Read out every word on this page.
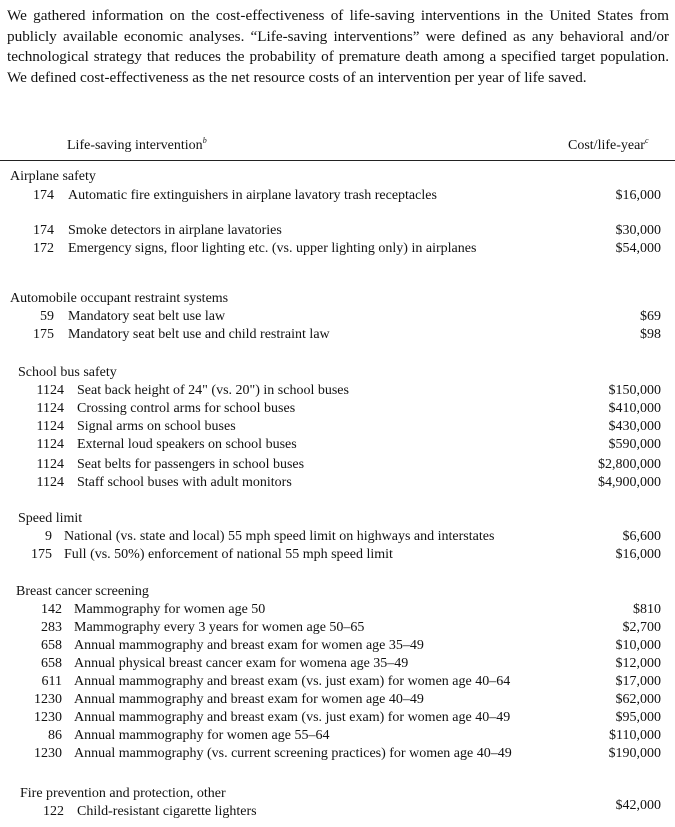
We gathered information on the cost-effectiveness of life-saving interventions in the United States from publicly available economic analyses. “Life-saving interventions” were defined as any behavioral and/or technological strategy that reduces the probability of premature death among a specified target population. We defined cost-effectiveness as the net resource costs of an intervention per year of life saved.

Life-saving intervention$^b$	Cost/life-year$^c$
Airplane safety
174 Automatic fire extinguishers in airplane lavatory trash receptacles	$16,000
174 Smoke detectors in airplane lavatories	$30,000
172 Emergency signs, floor lighting etc. (vs. upper lighting only) in airplanes	$54,000
Automobile occupant restraint systems
59 Mandatory seat belt use law	$69
175 Mandatory seat belt use and child restraint law	$98
School bus safety
1124 Seat back height of 24" (vs. 20") in school buses	$150,000
1124 Crossing control arms for school buses	$410,000
1124 Signal arms on school buses	$430,000
1124 External loud speakers on school buses	$590,000
1124 Seat belts for passengers in school buses	$2,800,000
1124 Staff school buses with adult monitors	$4,900,000
Speed limit
9 National (vs. state and local) 55 mph speed limit on highways and interstates	$6,600
175 Full (vs. 50%) enforcement of national 55 mph speed limit	$16,000
Breast cancer screening
142 Mammography for women age 50	$810
283 Mammography every 3 years for women age 50–65	$2,700
658 Annual mammography and breast exam for women age 35–49	$10,000
658 Annual physical breast cancer exam for womena age 35–49	$12,000
611 Annual mammography and breast exam (vs. just exam) for women age 40–64	$17,000
1230 Annual mammography and breast exam for women age 40–49	$62,000
1230 Annual mammography and breast exam (vs. just exam) for women age 40–49	$95,000
86 Annual mammography for women age 55–64	$110,000
1230 Annual mammography (vs. current screening practices) for women age 40–49	$190,000
Fire prevention and protection, other
122 Child-resistant cigarette lighters	$42,000
